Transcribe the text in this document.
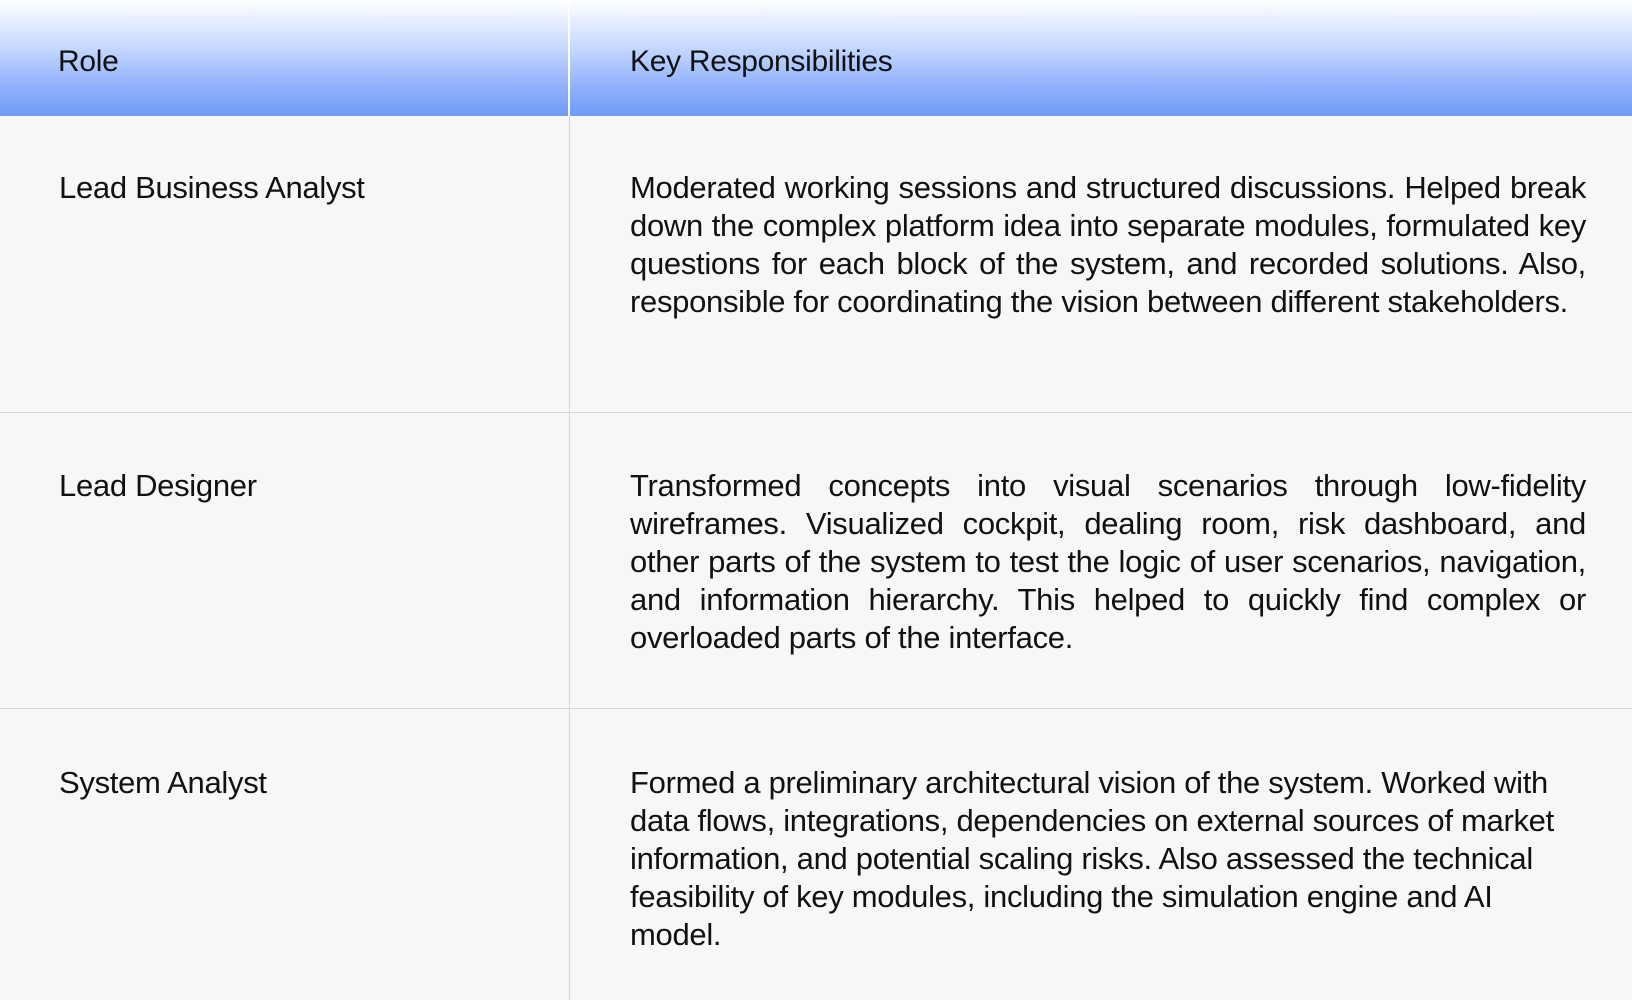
Role	Key Responsibilities
Lead Business Analyst	Moderated working sessions and structured discussions. Helped break down the complex platform idea into separate modules, formulated key questions for each block of the system, and recorded solutions. Also, responsible for coordinating the vision between different stakeholders.
Lead Designer	Transformed concepts into visual scenarios through low-fidelity wireframes. Visualized cockpit, dealing room, risk dashboard, and other parts of the system to test the logic of user scenarios, navigation, and information hierarchy. This helped to quickly find complex or overloaded parts of the interface.
System Analyst	Formed a preliminary architectural vision of the system. Worked with data flows, integrations, dependencies on external sources of market information, and potential scaling risks. Also assessed the technical feasibility of key modules, including the simulation engine and AI model.
